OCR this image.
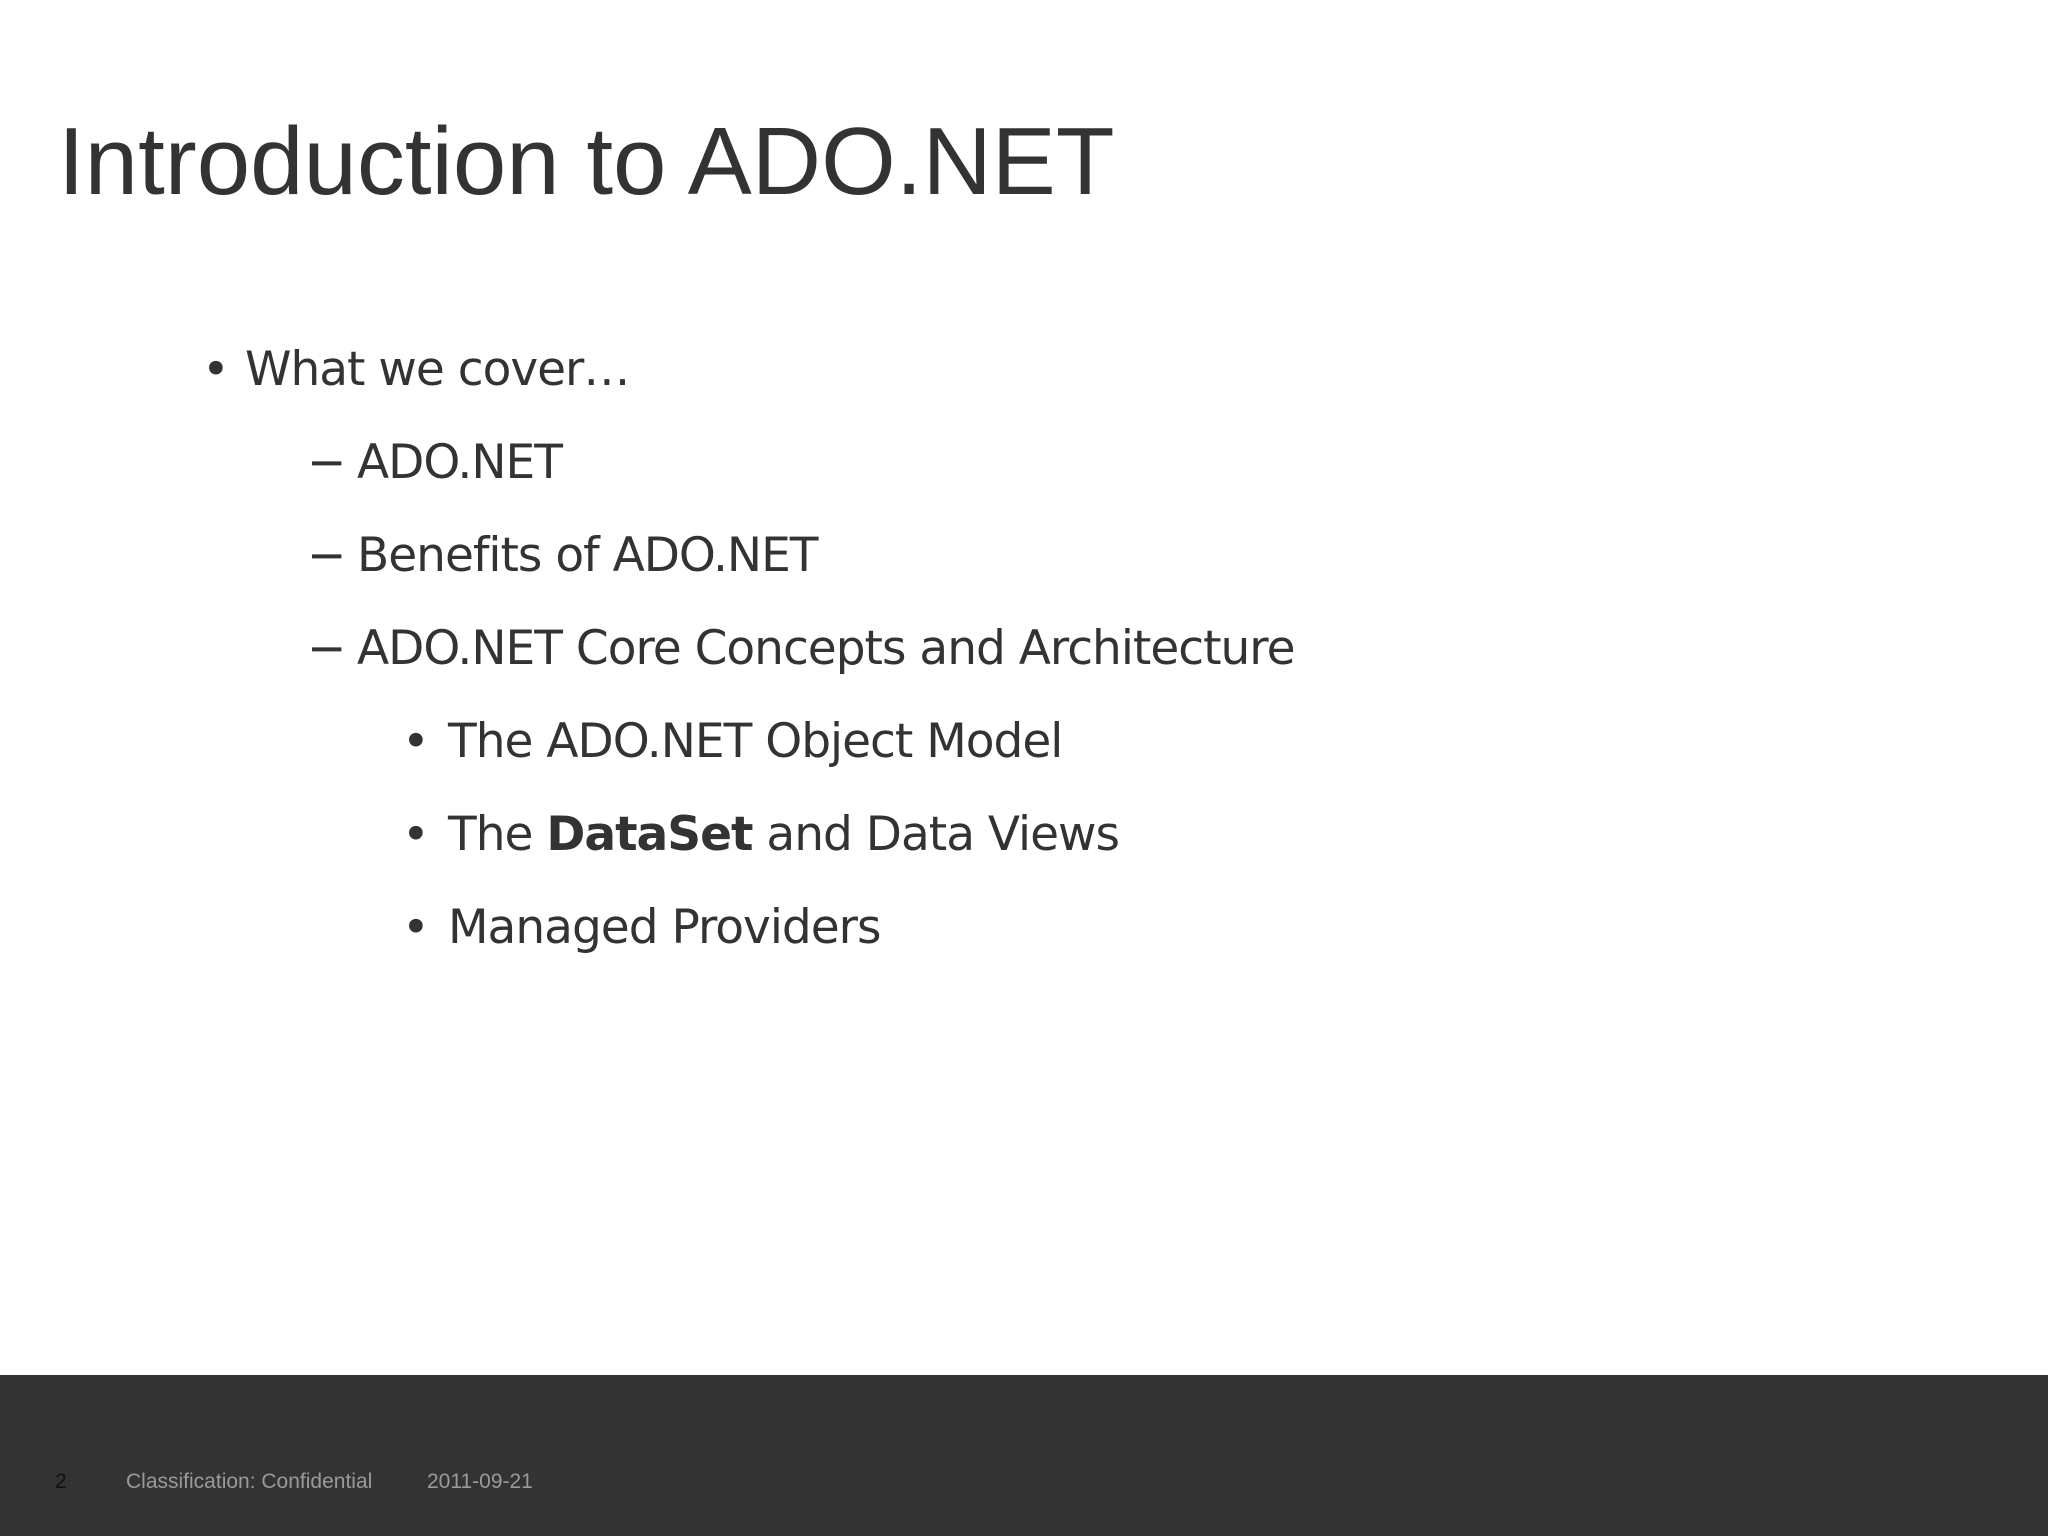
Introduction to ADO.NET
• What we cover…
− ADO.NET
− Benefits of ADO.NET
− ADO.NET Core Concepts and Architecture
• The ADO.NET Object Model
• The DataSet and Data Views
• Managed Providers
2	Classification: Confidential	2011-09-21
